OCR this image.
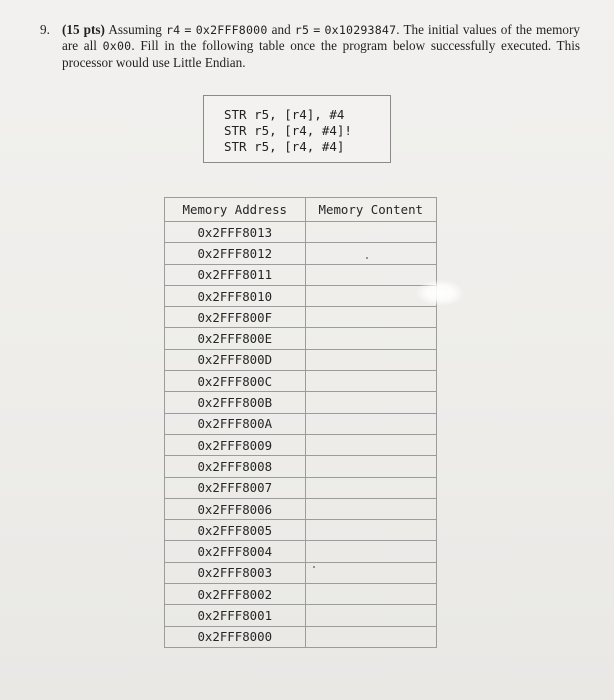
9. (15 pts) Assuming r4 = 0x2FFF8000 and r5 = 0x10293847. The initial values of the memory are all 0x00. Fill in the following table once the program below successfully executed. This processor would use Little Endian.
STR r5, [r4], #4
STR r5, [r4, #4]!
STR r5, [r4, #4]
Memory Address	Memory Content
0x2FFF8013	
0x2FFF8012	
0x2FFF8011	
0x2FFF8010	
0x2FFF800F	
0x2FFF800E	
0x2FFF800D	
0x2FFF800C	
0x2FFF800B	
0x2FFF800A	
0x2FFF8009	
0x2FFF8008	
0x2FFF8007	
0x2FFF8006	
0x2FFF8005	
0x2FFF8004	
0x2FFF8003	
0x2FFF8002	
0x2FFF8001	
0x2FFF8000	
